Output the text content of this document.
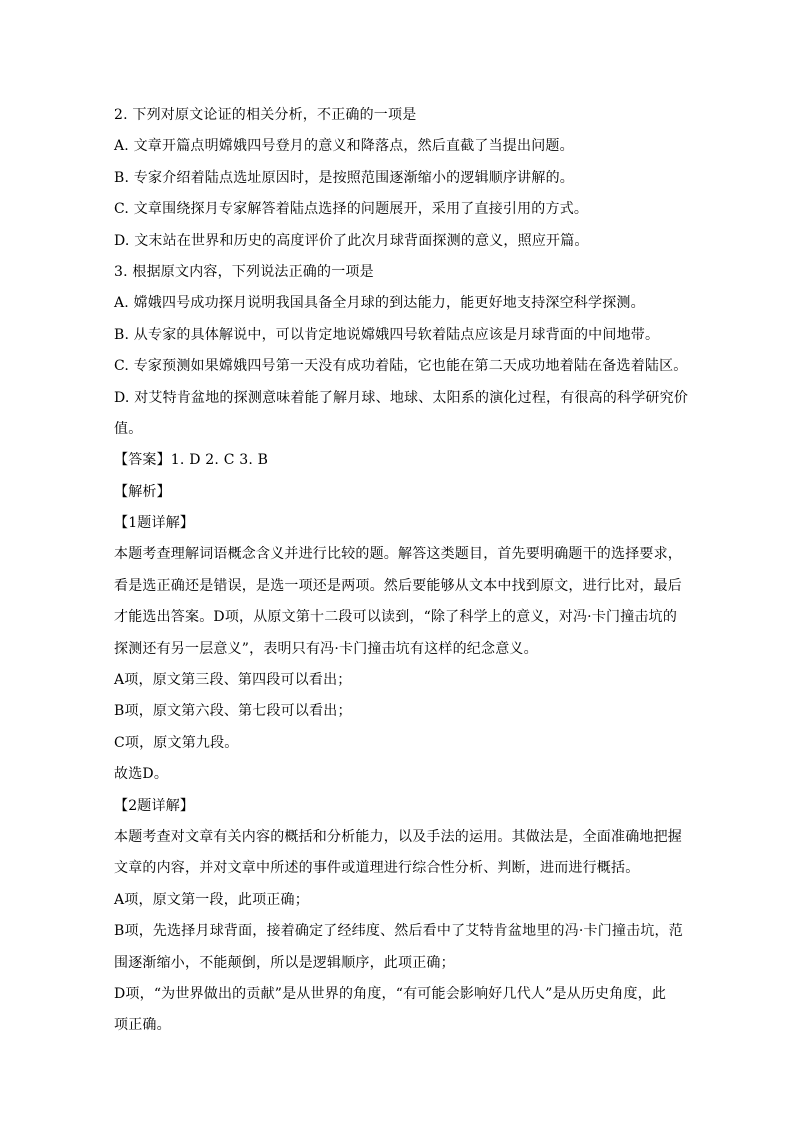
2. 下列对原文论证的相关分析，不正确的一项是
A. 文章开篇点明嫦娥四号登月的意义和降落点，然后直截了当提出问题。
B. 专家介绍着陆点选址原因时，是按照范围逐渐缩小的逻辑顺序讲解的。
C. 文章围绕探月专家解答着陆点选择的问题展开，采用了直接引用的方式。
D. 文末站在世界和历史的高度评价了此次月球背面探测的意义，照应开篇。
3. 根据原文内容，下列说法正确的一项是
A. 嫦娥四号成功探月说明我国具备全月球的到达能力，能更好地支持深空科学探测。
B. 从专家的具体解说中，可以肯定地说嫦娥四号软着陆点应该是月球背面的中间地带。
C. 专家预测如果嫦娥四号第一天没有成功着陆，它也能在第二天成功地着陆在备选着陆区。
D. 对艾特肯盆地的探测意味着能了解月球、地球、太阳系的演化过程，有很高的科学研究价
值。
【答案】1. D 2. C 3. B
【解析】
【1题详解】
本题考查理解词语概念含义并进行比较的题。解答这类题目，首先要明确题干的选择要求，
看是选正确还是错误，是选一项还是两项。然后要能够从文本中找到原文，进行比对，最后
才能选出答案。D项，从原文第十二段可以读到，“除了科学上的意义，对冯·卡门撞击坑的
探测还有另一层意义”，表明只有冯·卡门撞击坑有这样的纪念意义。
A项，原文第三段、第四段可以看出；
B项，原文第六段、第七段可以看出；
C项，原文第九段。
故选D。
【2题详解】
本题考查对文章有关内容的概括和分析能力，以及手法的运用。其做法是，全面准确地把握
文章的内容，并对文章中所述的事件或道理进行综合性分析、判断，进而进行概括。
A项，原文第一段，此项正确；
B项，先选择月球背面，接着确定了经纬度、然后看中了艾特肯盆地里的冯·卡门撞击坑，范
围逐渐缩小，不能颠倒，所以是逻辑顺序，此项正确；
D项，“为世界做出的贡献”是从世界的角度，“有可能会影响好几代人”是从历史角度，此
项正确。
